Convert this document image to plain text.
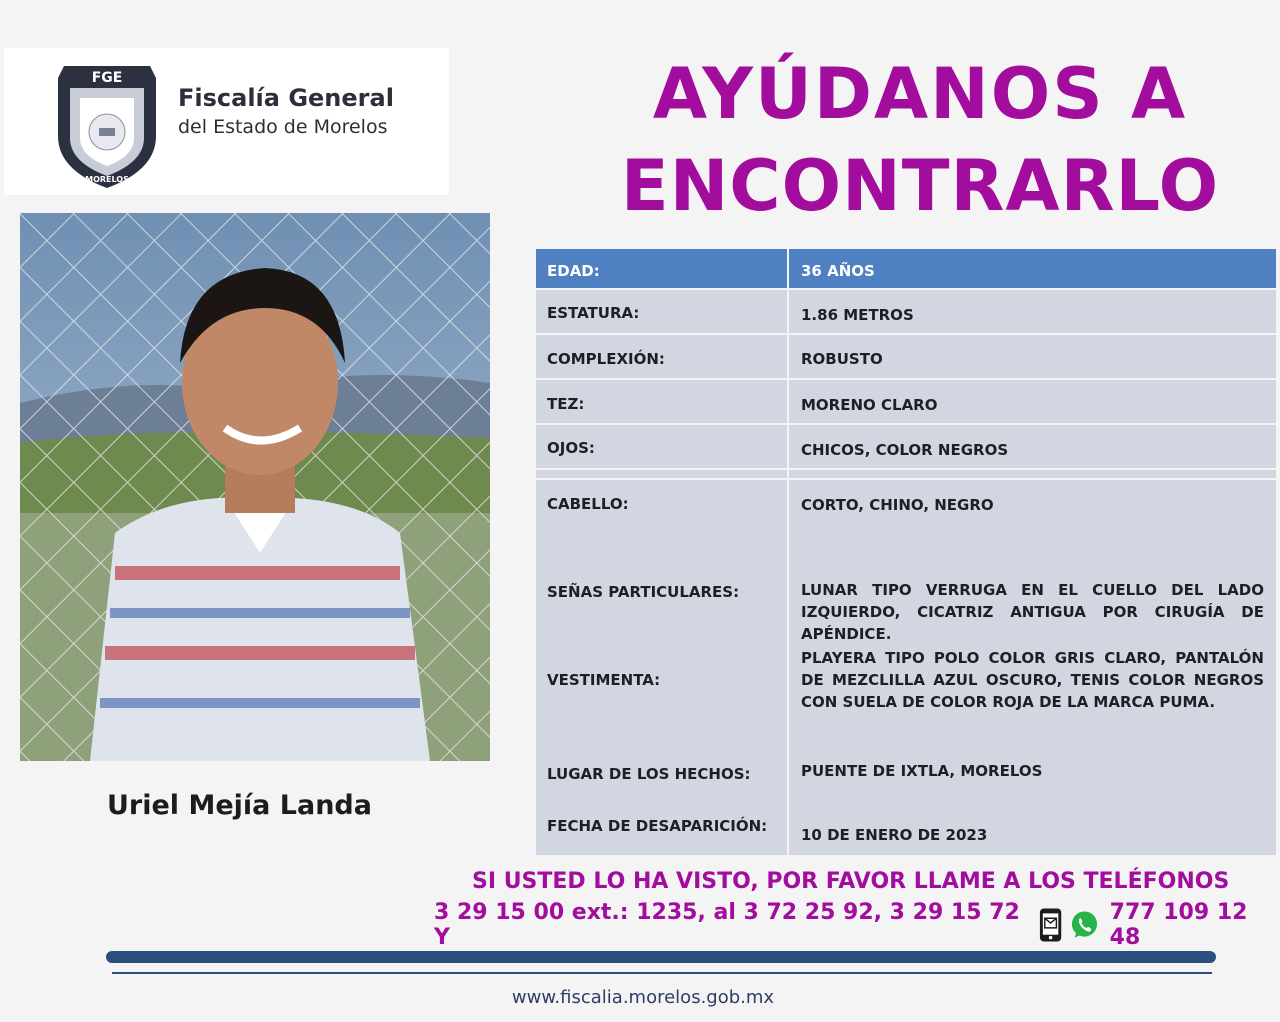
FGE
MORELOS
Fiscalía General
del Estado de Morelos	AYÚDANOS A
ENCONTRARLO
Uriel Mejía Landa
EDAD:	36 AÑOS
ESTATURA:	1.86 METROS
COMPLEXIÓN:	ROBUSTO
TEZ:	MORENO CLARO
OJOS:	CHICOS, COLOR NEGROS
CABELLO:	CORTO, CHINO, NEGRO
SEÑAS PARTICULARES:	LUNAR TIPO VERRUGA EN EL CUELLO DEL LADO IZQUIERDO, CICATRIZ ANTIGUA POR CIRUGÍA DE APÉNDICE.
VESTIMENTA:
PLAYERA TIPO POLO COLOR GRIS CLARO, PANTALÓN DE MEZCLILLA AZUL OSCURO, TENIS COLOR NEGROS CON SUELA DE COLOR ROJA DE LA MARCA PUMA.
LUGAR DE LOS HECHOS:	PUENTE DE IXTLA, MORELOS
FECHA DE DESAPARICIÓN: 10 DE ENERO DE 2023
SI USTED LO HA VISTO, POR FAVOR LLAME A LOS TELÉFONOS
3 29 15 00 ext.: 1235, al 3 72 25 92, 3 29 15 72 Y
777 109 12 48
www.fiscalia.morelos.gob.mx
